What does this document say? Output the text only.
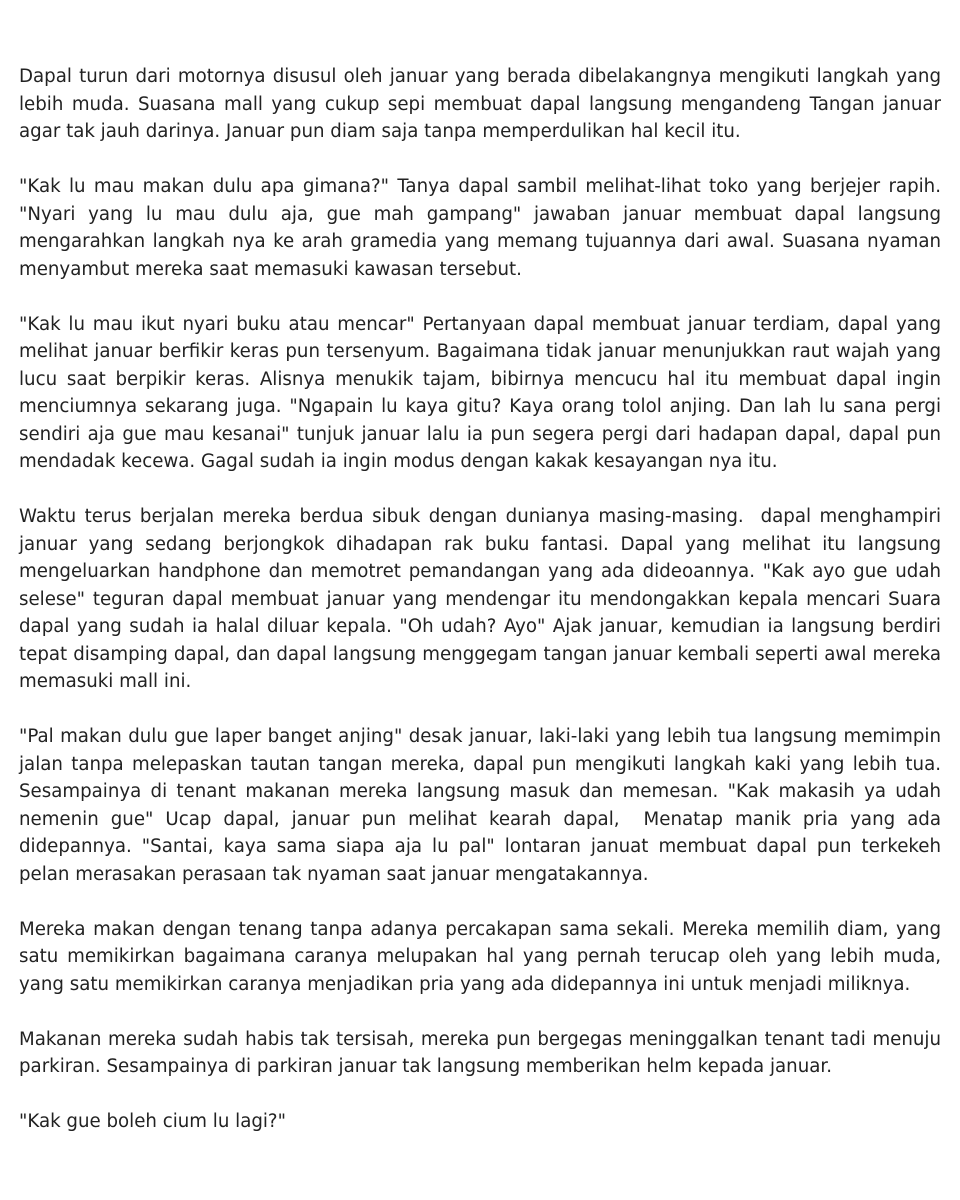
Dapal turun dari motornya disusul oleh januar yang berada dibelakangnya mengikuti langkah yang lebih muda. Suasana mall yang cukup sepi membuat dapal langsung mengandeng Tangan januar agar tak jauh darinya. Januar pun diam saja tanpa memperdulikan hal kecil itu.

"Kak lu mau makan dulu apa gimana?" Tanya dapal sambil melihat-lihat toko yang berjejer rapih. "Nyari yang lu mau dulu aja, gue mah gampang" jawaban januar membuat dapal langsung mengarahkan langkah nya ke arah gramedia yang memang tujuannya dari awal. Suasana nyaman menyambut mereka saat memasuki kawasan tersebut.

"Kak lu mau ikut nyari buku atau mencar" Pertanyaan dapal membuat januar terdiam, dapal yang melihat januar berfikir keras pun tersenyum. Bagaimana tidak januar menunjukkan raut wajah yang lucu saat berpikir keras. Alisnya menukik tajam, bibirnya mencucu hal itu membuat dapal ingin menciumnya sekarang juga. "Ngapain lu kaya gitu? Kaya orang tolol anjing. Dan lah lu sana pergi sendiri aja gue mau kesanai" tunjuk januar lalu ia pun segera pergi dari hadapan dapal, dapal pun mendadak kecewa. Gagal sudah ia ingin modus dengan kakak kesayangan nya itu.

Waktu terus berjalan mereka berdua sibuk dengan dunianya masing-masing.  dapal menghampiri januar yang sedang berjongkok dihadapan rak buku fantasi. Dapal yang melihat itu langsung mengeluarkan handphone dan memotret pemandangan yang ada dideoannya. "Kak ayo gue udah selese" teguran dapal membuat januar yang mendengar itu mendongakkan kepala mencari Suara dapal yang sudah ia halal diluar kepala. "Oh udah? Ayo" Ajak januar, kemudian ia langsung berdiri tepat disamping dapal, dan dapal langsung menggegam tangan januar kembali seperti awal mereka memasuki mall ini.

"Pal makan dulu gue laper banget anjing" desak januar, laki-laki yang lebih tua langsung memimpin jalan tanpa melepaskan tautan tangan mereka, dapal pun mengikuti langkah kaki yang lebih tua. Sesampainya di tenant makanan mereka langsung masuk dan memesan. "Kak makasih ya udah nemenin gue" Ucap dapal, januar pun melihat kearah dapal,  Menatap manik pria yang ada didepannya. "Santai, kaya sama siapa aja lu pal" lontaran januat membuat dapal pun terkekeh pelan merasakan perasaan tak nyaman saat januar mengatakannya.

Mereka makan dengan tenang tanpa adanya percakapan sama sekali. Mereka memilih diam, yang satu memikirkan bagaimana caranya melupakan hal yang pernah terucap oleh yang lebih muda, yang satu memikirkan caranya menjadikan pria yang ada didepannya ini untuk menjadi miliknya.

Makanan mereka sudah habis tak tersisah, mereka pun bergegas meninggalkan tenant tadi menuju parkiran. Sesampainya di parkiran januar tak langsung memberikan helm kepada januar.

"Kak gue boleh cium lu lagi?"
